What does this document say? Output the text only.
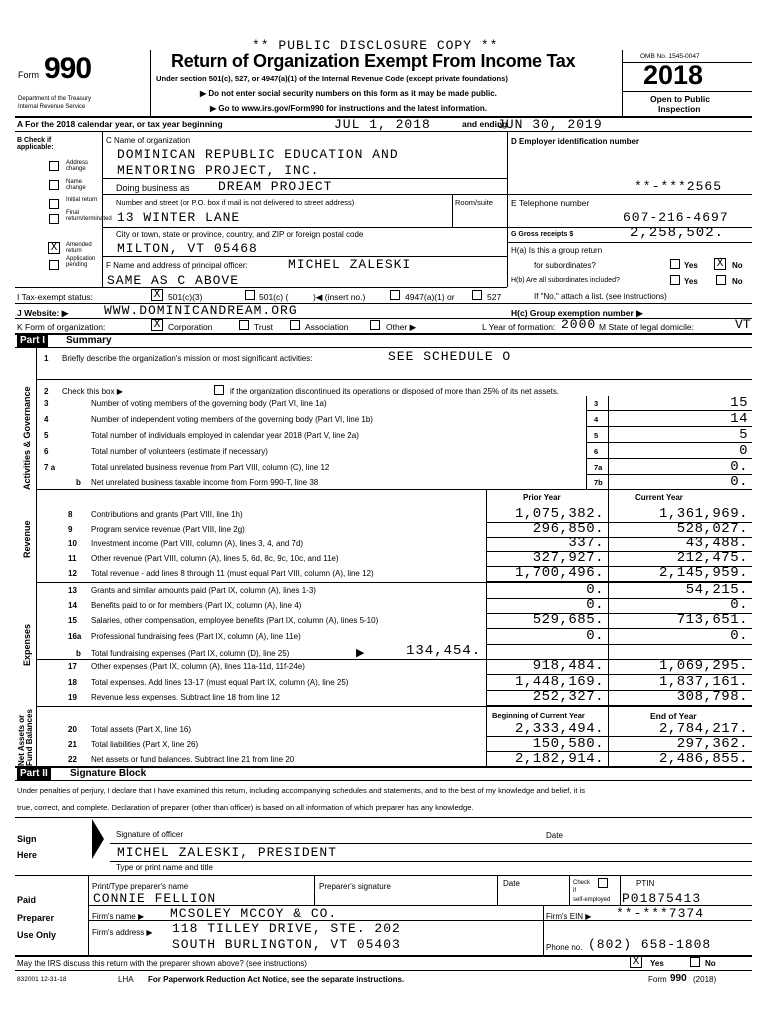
** PUBLIC DISCLOSURE COPY **
Form 990
Department of the Treasury
Internal Revenue Service
Return of Organization Exempt From Income Tax
Under section 501(c), 527, or 4947(a)(1) of the Internal Revenue Code (except private foundations)
▶ Do not enter social security numbers on this form as it may be made public.
▶ Go to www.irs.gov/Form990 for instructions and the latest information.
OMB No. 1545-0047
2018
Open to Public
Inspection
A For the 2018 calendar year, or tax year beginning	JUL 1, 2018	and ending
JUN 30, 2019
B Check if applicable:
Address change
Name change
Initial return
Final return/terminated
X	Amended return
Application pending
C Name of organization
DOMINICAN REPUBLIC EDUCATION AND
MENTORING PROJECT, INC.
Doing business as DREAM PROJECT
Number and street (or P.O. box if mail is not delivered to street address)	Room/suite
13 WINTER LANE
City or town, state or province, country, and ZIP or foreign postal code
MILTON, VT 05468
F Name and address of principal officer:	MICHEL ZALESKI
SAME AS C ABOVE
D Employer identification number
**-***2565
E Telephone number
607-216-4697
G Gross receipts $	2,258,502.
H(a) Is this a group return
for subordinates?	Yes X	No
H(b) Are all subordinates included?	Yes	No
If "No," attach a list. (see instructions)
I Tax-exempt status:	X 501(c)(3)	501(c) (	)◀ (insert no.)	4947(a)(1) or	527
J Website: ▶	WWW.DOMINICANDREAM.ORG	H(c) Group exemption number ▶
K Form of organization:	X Corporation	Trust	Association	Other ▶	L Year of formation: 2000 M State of legal domicile:	VT
Part I	Summary
Activities & Governance
Revenue
Expenses
Net Assets or Fund Balances
1 Briefly describe the organization's mission or most significant activities:	SEE SCHEDULE O
2 Check this box ▶	if the organization discontinued its operations or disposed of more than 25% of its net assets.
3	Number of voting members of the governing body (Part VI, line 1a)	3	15
4	Number of independent voting members of the governing body (Part VI, line 1b)	4	14
5	Total number of individuals employed in calendar year 2018 (Part V, line 2a)	5	5
6	Total number of volunteers (estimate if necessary)	6	0
7 a	Total unrelated business revenue from Part VIII, column (C), line 12	7a	0.
b Net unrelated business taxable income from Form 990-T, line 38	7b	0.
Prior Year	Current Year
8 Contributions and grants (Part VIII, line 1h)	1,075,382.	1,361,969.
9 Program service revenue (Part VIII, line 2g)	296,850.	528,027.
10 Investment income (Part VIII, column (A), lines 3, 4, and 7d)	337.	43,488.
11 Other revenue (Part VIII, column (A), lines 5, 6d, 8c, 9c, 10c, and 11e)	327,927.	212,475.
12 Total revenue - add lines 8 through 11 (must equal Part VIII, column (A), line 12)	1,700,496.	2,145,959.
13 Grants and similar amounts paid (Part IX, column (A), lines 1-3)	0.	54,215.
14 Benefits paid to or for members (Part IX, column (A), line 4)	0.	0.
15 Salaries, other compensation, employee benefits (Part IX, column (A), lines 5-10)	529,685.	713,651.
16a Professional fundraising fees (Part IX, column (A), line 11e)	0.	0.
b Total fundraising expenses (Part IX, column (D), line 25)	▶	134,454.
17 Other expenses (Part IX, column (A), lines 11a-11d, 11f-24e)	918,484.	1,069,295.
18 Total expenses. Add lines 13-17 (must equal Part IX, column (A), line 25)	1,448,169.	1,837,161.
19 Revenue less expenses. Subtract line 18 from line 12	252,327.	308,798.
Beginning of Current Year	End of Year
20 Total assets (Part X, line 16)	2,333,494.	2,784,217.
21 Total liabilities (Part X, line 26)	150,580.	297,362.
22 Net assets or fund balances. Subtract line 21 from line 20	2,182,914.	2,486,855.
Part II	Signature Block
Under penalties of perjury, I declare that I have examined this return, including accompanying schedules and statements, and to the best of my knowledge and belief, it is
true, correct, and complete. Declaration of preparer (other than officer) is based on all information of which preparer has any knowledge.
Sign
Here
Signature of officer	Date
MICHEL ZALESKI, PRESIDENT
Type or print name and title
Paid
Preparer
Use Only
Print/Type preparer's name	Preparer's signature	Date	Check
if
self-employed
PTIN
CONNIE FELLION	P01875413
Firm's name ▶ MCSOLEY MCCOY & CO.	Firm's EIN ▶ **-***7374
Firm's address ▶ 118 TILLEY DRIVE, STE. 202
SOUTH BURLINGTON, VT 05403	Phone no. (802) 658-1808
May the IRS discuss this return with the preparer shown above? (see instructions)	X	Yes	No
832001 12-31-18	LHA For Paperwork Reduction Act Notice, see the separate instructions.	Form 990 (2018)
